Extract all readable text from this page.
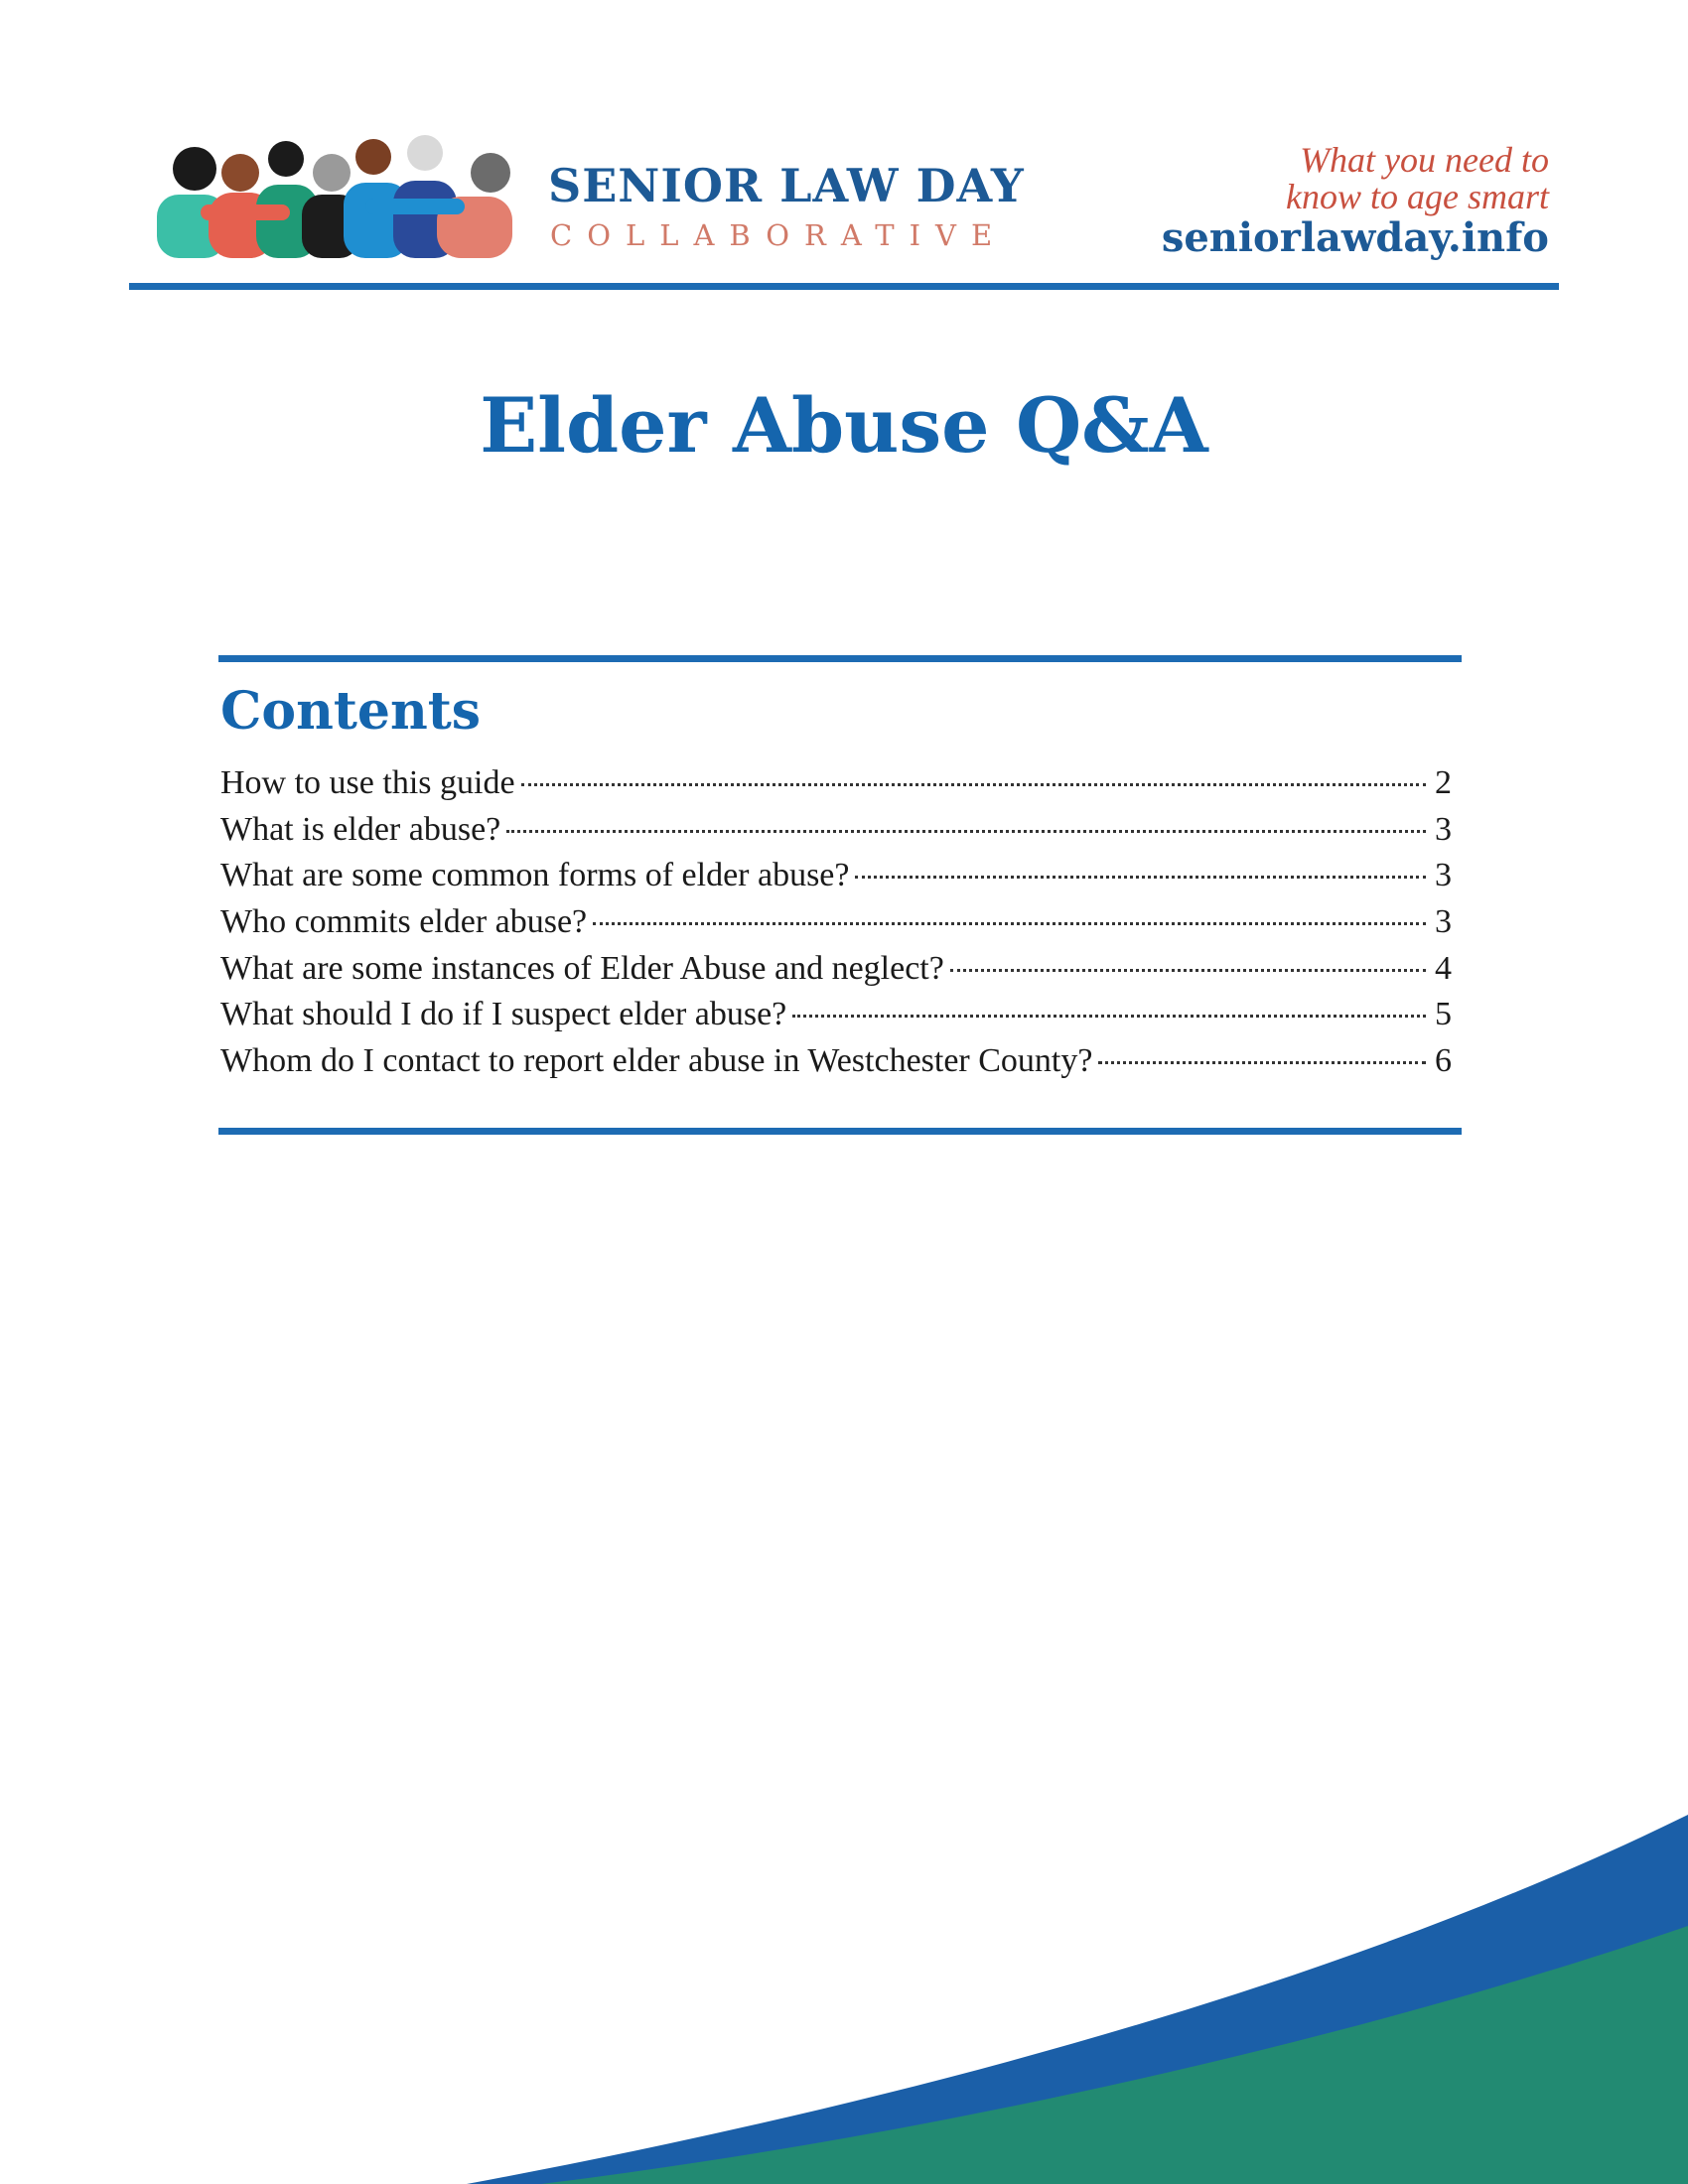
SENIOR LAW DAY
COLLABORATIVE
What you need to
know to age smart
seniorlawday.info
Elder Abuse Q&A
Contents
How to use this guide	2
What is elder abuse?	3
What are some common forms of elder abuse?	3
Who commits elder abuse?	3
What are some instances of Elder Abuse and neglect?	4
What should I do if I suspect elder abuse?	5
Whom do I contact to report elder abuse in Westchester County?	6
